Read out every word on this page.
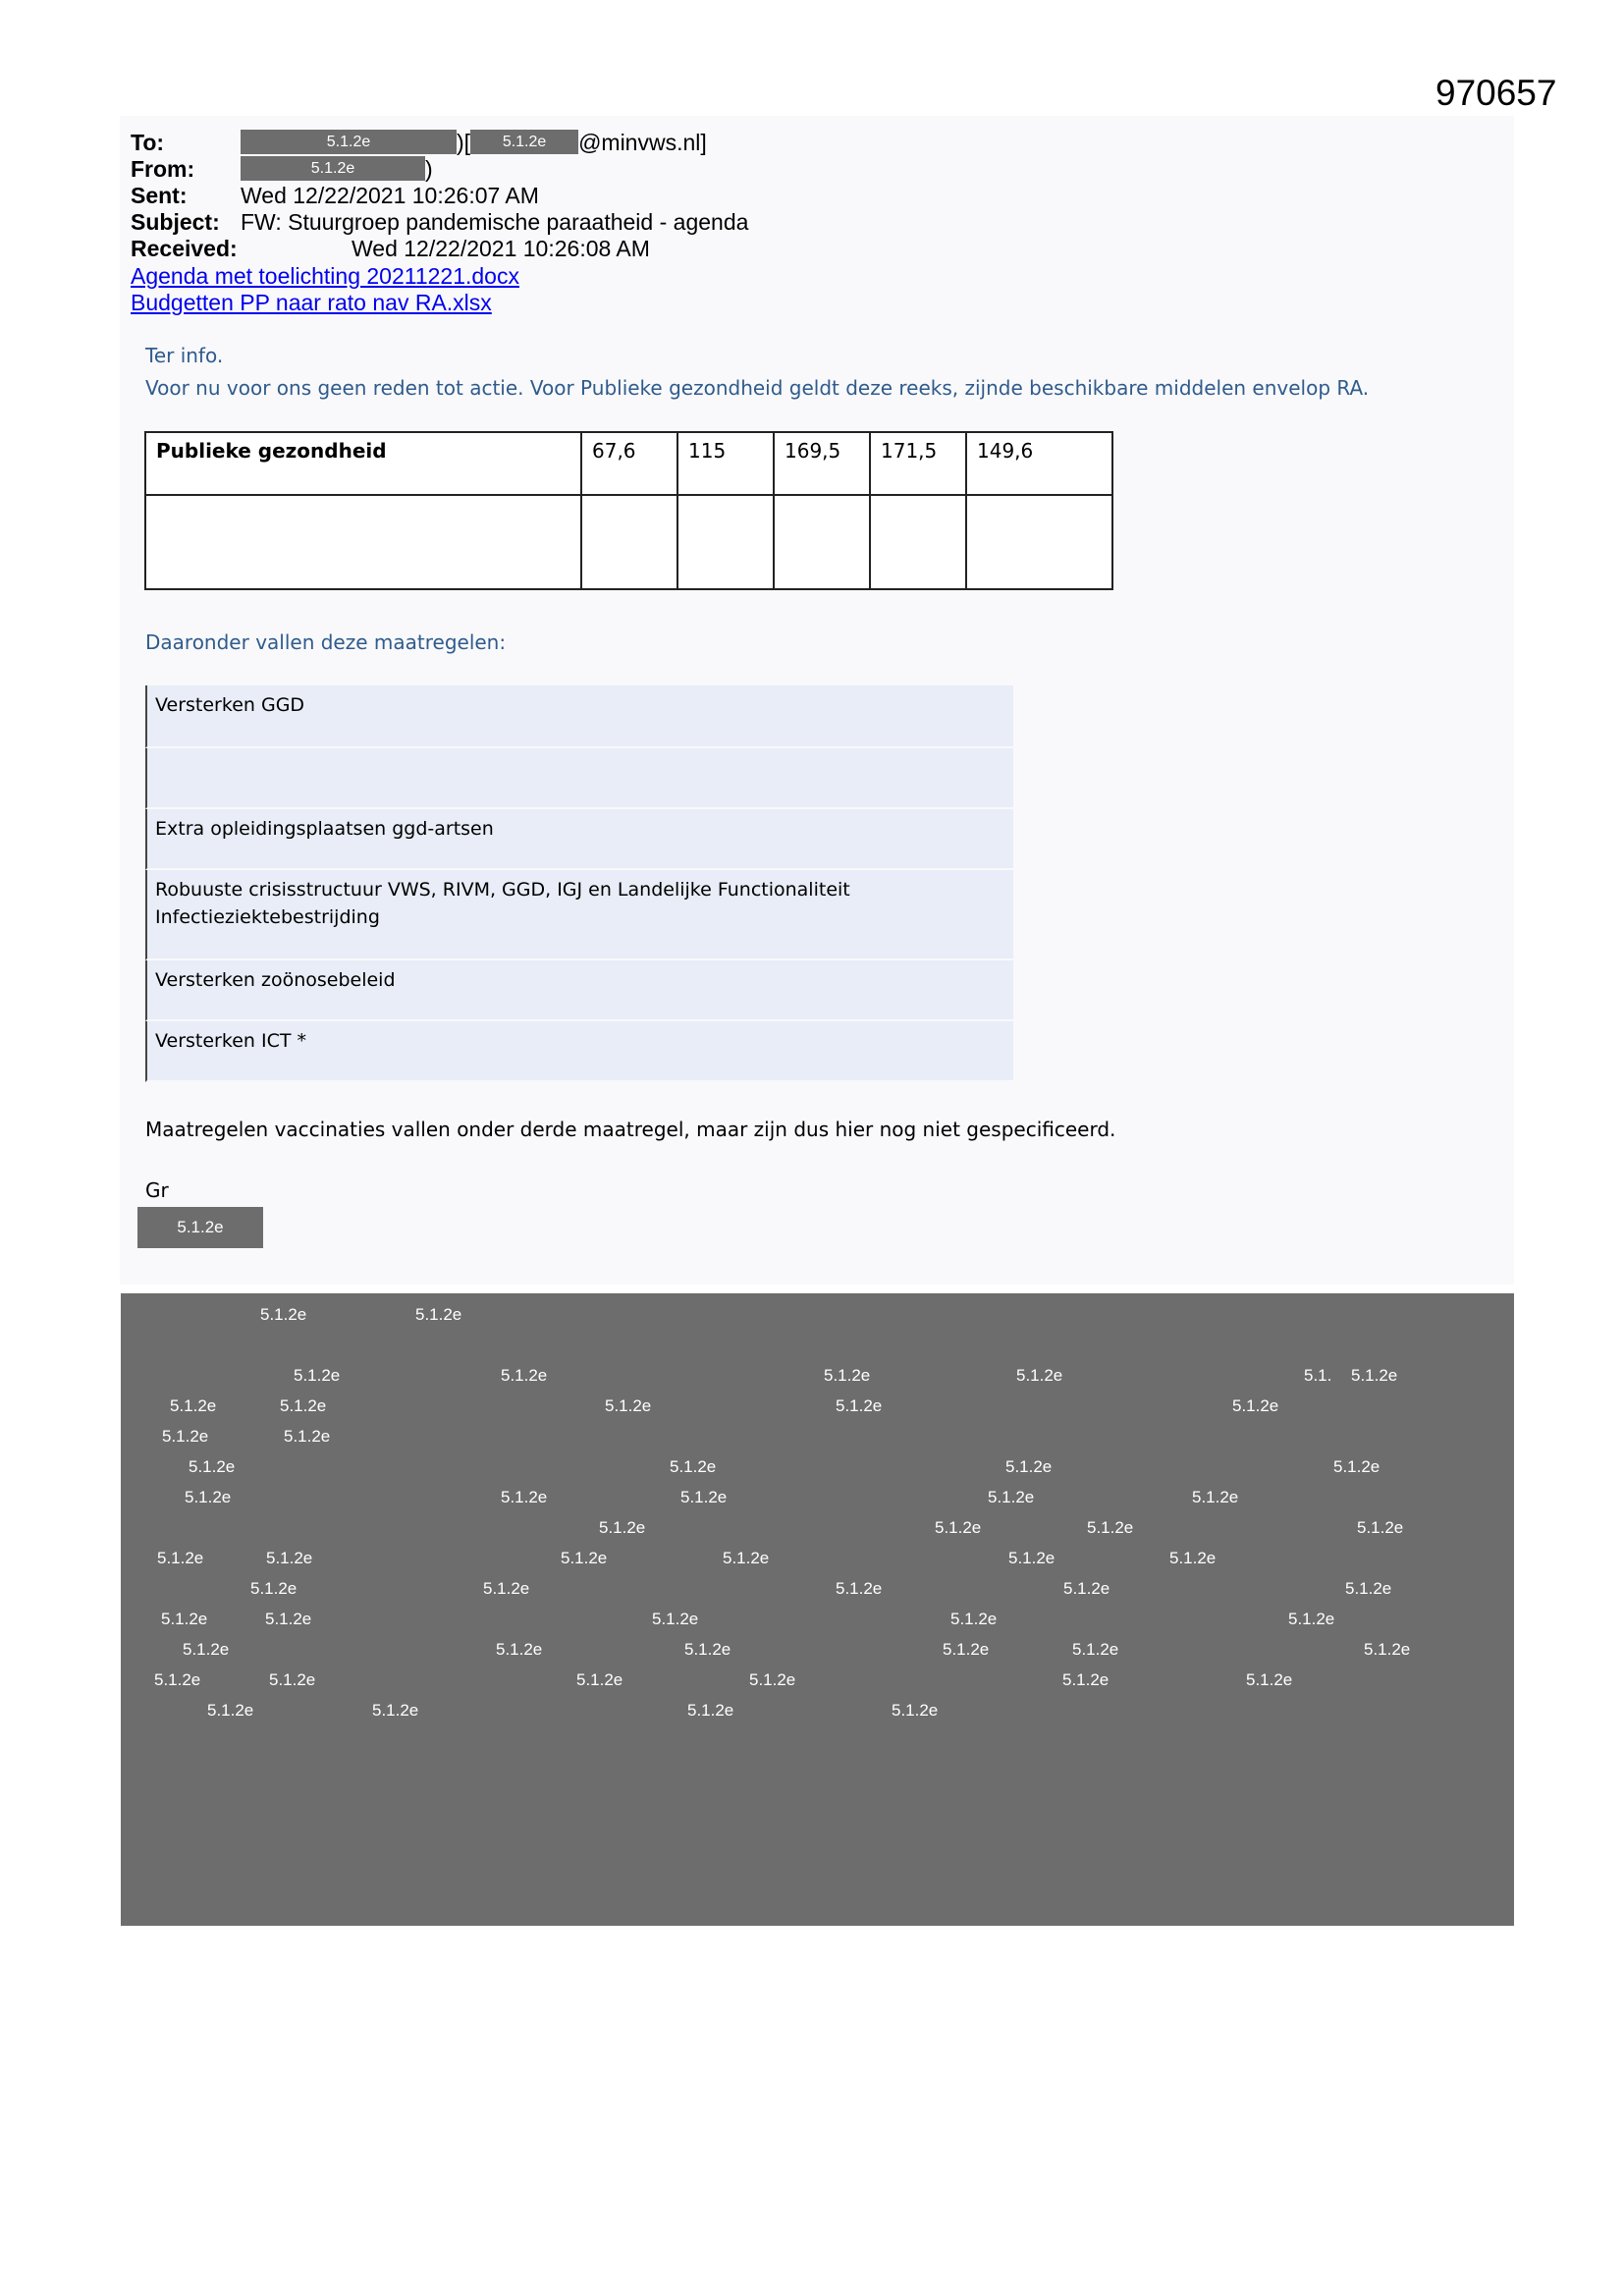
970657
To:	5.1.2e	)[ 5.1.2e @minvws.nl]
From:	5.1.2e	)
Sent: Wed 12/22/2021 10:26:07 AM
Subject: FW: Stuurgroep pandemische paraatheid - agenda
Received:	Wed 12/22/2021 10:26:08 AM
Agenda met toelichting 20211221.docx
Budgetten PP naar rato nav RA.xlsx
Ter info.
Voor nu voor ons geen reden tot actie. Voor Publieke gezondheid geldt deze reeks, zijnde beschikbare middelen envelop RA.
Publieke gezondheid	67,6	115	169,5	171,5	149,6

Daaronder vallen deze maatregelen:
Versterken GGD
Extra opleidingsplaatsen ggd-artsen
Robuuste crisisstructuur VWS, RIVM, GGD, IGJ en Landelijke Functionaliteit Infectieziektebestrijding
Versterken zoönosebeleid
Versterken ICT *
Maatregelen vaccinaties vallen onder derde maatregel, maar zijn dus hier nog niet gespecificeerd.
Gr
5.1.2e
5.1.2e	5.1.2e
5.1.2e	5.1.2e	5.1.2e	5.1.2e	5.1.2e
5.1.2e	5.1.2e	5.1.2e	5.1.2e	5.1.2e
5.1.2e	5.1.2e
5.1.2e	5.1.2e	5.1.2e	5.1.2e
5.1.2e	5.1.2e	5.1.2e	5.1.2e	5.1.2e
5.1.2e	5.1.2e	5.1.2e	5.1.2e
5.1.2e	5.1.2e	5.1.2e	5.1.2e	5.1.2e	5.1.2e
5.1.2e	5.1.2e	5.1.2e	5.1.2e	5.1.2e
5.1.2e	5.1.2e	5.1.2e	5.1.2e	5.1.2e
5.1.2e	5.1.2e	5.1.2e	5.1.2e	5.1.2e	5.1.2e
5.1.2e	5.1.2e	5.1.2e	5.1.2e	5.1.2e	5.1.2e
5.1.2e	5.1.2e	5.1.2e	5.1.2e
5.1.
